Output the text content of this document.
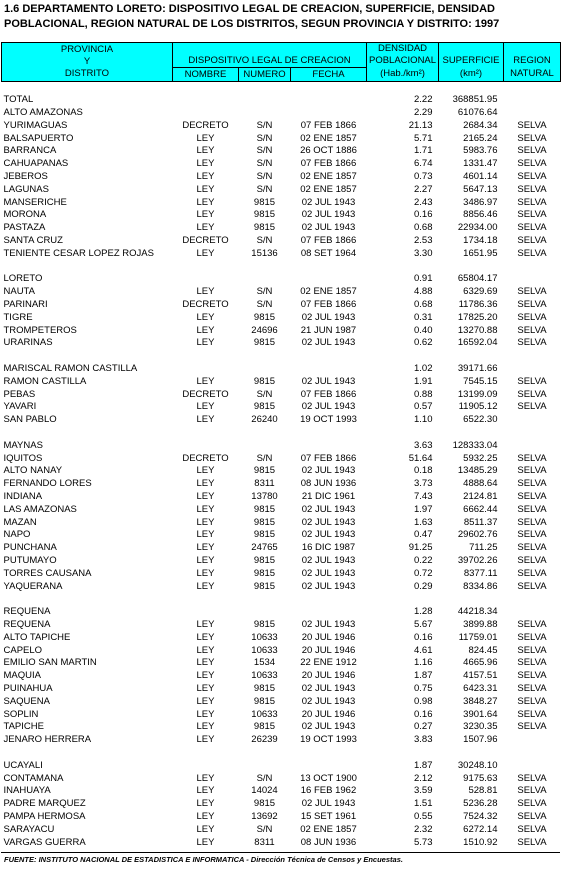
1.6 DEPARTAMENTO LORETO: DISPOSITIVO LEGAL DE CREACION, SUPERFICIE, DENSIDAD
POBLACIONAL, REGION NATURAL DE LOS DISTRITOS, SEGUN PROVINCIA Y DISTRITO: 1997
PROVINCIA
Y
DISTRITO	DISPOSITIVO LEGAL DE CREACION			DENSIDAD POBLACIONAL	SUPERFICIE	REGION

	NOMBRE	NUMERO	FECHA	(Hab./km²)	(km²)	NATURAL

TOTAL				2.22	368851.95	
ALTO AMAZONAS				2.29	61076.64	
YURIMAGUAS	DECRETO	S/N	07 FEB 1866	21.13	2684.34	SELVA
BALSAPUERTO	LEY	S/N	02 ENE 1857	5.71	2165.24	SELVA
BARRANCA	LEY	S/N	26 OCT 1886	1.71	5983.76	SELVA
CAHUAPANAS	LEY	S/N	07 FEB 1866	6.74	1331.47	SELVA
JEBEROS	LEY	S/N	02 ENE 1857	0.73	4601.14	SELVA
LAGUNAS	LEY	S/N	02 ENE 1857	2.27	5647.13	SELVA
MANSERICHE	LEY	9815	02 JUL 1943	2.43	3486.97	SELVA
MORONA	LEY	9815	02 JUL 1943	0.16	8856.46	SELVA
PASTAZA	LEY	9815	02 JUL 1943	0.68	22934.00	SELVA
SANTA CRUZ	DECRETO	S/N	07 FEB 1866	2.53	1734.18	SELVA
TENIENTE CESAR LOPEZ ROJAS	LEY	15136	08 SET 1964	3.30	1651.95	SELVA

LORETO				0.91	65804.17	
NAUTA	LEY	S/N	02 ENE 1857	4.88	6329.69	SELVA
PARINARI	DECRETO	S/N	07 FEB 1866	0.68	11786.36	SELVA
TIGRE	LEY	9815	02 JUL 1943	0.31	17825.20	SELVA
TROMPETEROS	LEY	24696	21 JUN 1987	0.40	13270.88	SELVA
URARINAS	LEY	9815	02 JUL 1943	0.62	16592.04	SELVA

MARISCAL RAMON CASTILLA				1.02	39171.66	
RAMON CASTILLA	LEY	9815	02 JUL 1943	1.91	7545.15	SELVA
PEBAS	DECRETO	S/N	07 FEB 1866	0.88	13199.09	SELVA
YAVARI	LEY	9815	02 JUL 1943	0.57	11905.12	SELVA
SAN PABLO	LEY	26240	19 OCT 1993	1.10	6522.30	

MAYNAS				3.63	128333.04	
IQUITOS	DECRETO	S/N	07 FEB 1866	51.64	5932.25	SELVA
ALTO NANAY	LEY	9815	02 JUL 1943	0.18	13485.29	SELVA
FERNANDO LORES	LEY	8311	08 JUN 1936	3.73	4888.64	SELVA
INDIANA	LEY	13780	21 DIC 1961	7.43	2124.81	SELVA
LAS AMAZONAS	LEY	9815	02 JUL 1943	1.97	6662.44	SELVA
MAZAN	LEY	9815	02 JUL 1943	1.63	8511.37	SELVA
NAPO	LEY	9815	02 JUL 1943	0.47	29602.76	SELVA
PUNCHANA	LEY	24765	16 DIC 1987	91.25	711.25	SELVA
PUTUMAYO	LEY	9815	02 JUL 1943	0.22	39702.26	SELVA
TORRES CAUSANA	LEY	9815	02 JUL 1943	0.72	8377.11	SELVA
YAQUERANA	LEY	9815	02 JUL 1943	0.29	8334.86	SELVA

REQUENA				1.28	44218.34	
REQUENA	LEY	9815	02 JUL 1943	5.67	3899.88	SELVA
ALTO TAPICHE	LEY	10633	20 JUL 1946	0.16	11759.01	SELVA
CAPELO	LEY	10633	20 JUL 1946	4.61	824.45	SELVA
EMILIO SAN MARTIN	LEY	1534	22 ENE 1912	1.16	4665.96	SELVA
MAQUIA	LEY	10633	20 JUL 1946	1.87	4157.51	SELVA
PUINAHUA	LEY	9815	02 JUL 1943	0.75	6423.31	SELVA
SAQUENA	LEY	9815	02 JUL 1943	0.98	3848.27	SELVA
SOPLIN	LEY	10633	20 JUL 1946	0.16	3901.64	SELVA
TAPICHE	LEY	9815	02 JUL 1943	0.27	3230.35	SELVA
JENARO HERRERA	LEY	26239	19 OCT 1993	3.83	1507.96	

UCAYALI				1.87	30248.10	
CONTAMANA	LEY	S/N	13 OCT 1900	2.12	9175.63	SELVA
INAHUAYA	LEY	14024	16 FEB 1962	3.59	528.81	SELVA
PADRE MARQUEZ	LEY	9815	02 JUL 1943	1.51	5236.28	SELVA
PAMPA HERMOSA	LEY	13692	15 SET 1961	0.55	7524.32	SELVA
SARAYACU	LEY	S/N	02 ENE 1857	2.32	6272.14	SELVA
VARGAS GUERRA	LEY	8311	08 JUN 1936	5.73	1510.92	SELVA
FUENTE: INSTITUTO NACIONAL DE ESTADISTICA E INFORMATICA - Dirección Técnica de Censos y Encuestas.
